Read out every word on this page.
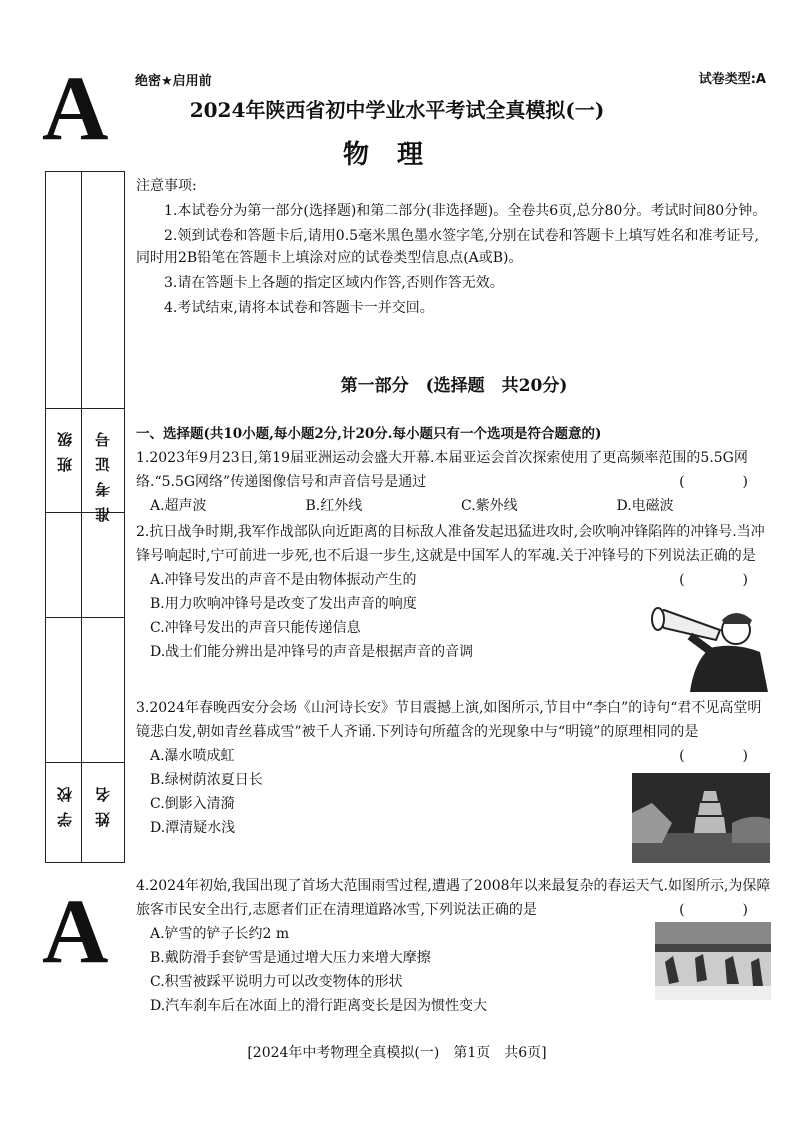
A
A
绝密★启用前	试卷类型:A
2024年陕西省初中学业水平考试全真模拟(一)
物理
班级 准考证号
学校 姓名

注意事项:

1.本试卷分为第一部分(选择题)和第二部分(非选择题)。全卷共6页,总分80分。考试时间80分钟。

2.领到试卷和答题卡后,请用0.5毫米黑色墨水签字笔,分别在试卷和答题卡上填写姓名和准考证号,同时用2B铅笔在答题卡上填涂对应的试卷类型信息点(A或B)。

3.请在答题卡上各题的指定区域内作答,否则作答无效。

4.考试结束,请将本试卷和答题卡一并交回。

第一部分　(选择题　共20分)
一、选择题(共10小题,每小题2分,计20分.每小题只有一个选项是符合题意的)

1.2023年9月23日,第19届亚洲运动会盛大开幕.本届亚运会首次探索使用了更高频率范围的5.5G网络.“5.5G网络”传递图像信号和声音信号是通过	(　)

A.超声波	B.红外线	C.紫外线	D.电磁波

2.抗日战争时期,我军作战部队向近距离的目标敌人准备发起迅猛进攻时,会吹响冲锋陷阵的冲锋号.当冲锋号响起时,宁可前进一步死,也不后退一步生,这就是中国军人的军魂.关于冲锋号的下列说法正确的是
(　)

A.冲锋号发出的声音不是由物体振动产生的

B.用力吹响冲锋号是改变了发出声音的响度

C.冲锋号发出的声音只能传递信息

D.战士们能分辨出是冲锋号的声音是根据声音的音调

3.2024年春晚西安分会场《山河诗长安》节目震撼上演,如图所示,节目中“李白”的诗句“君不见高堂明镜悲白发,朝如青丝暮成雪”被千人齐诵.下列诗句所蕴含的光现象中与“明镜”的原理相同的是
(　)

A.瀑水喷成虹

B.绿树荫浓夏日长

C.倒影入清漪

D.潭清疑水浅

4.2024年初始,我国出现了首场大范围雨雪过程,遭遇了2008年以来最复杂的春运天气.如图所示,为保障旅客市民安全出行,志愿者们正在清理道路冰雪,下列说法正确的是	(　)

A.铲雪的铲子长约2 m

B.戴防滑手套铲雪是通过增大压力来增大摩擦

C.积雪被踩平说明力可以改变物体的形状

D.汽车刹车后在冰面上的滑行距离变长是因为惯性变大

[2024年中考物理全真模拟(一)　第1页　共6页]
